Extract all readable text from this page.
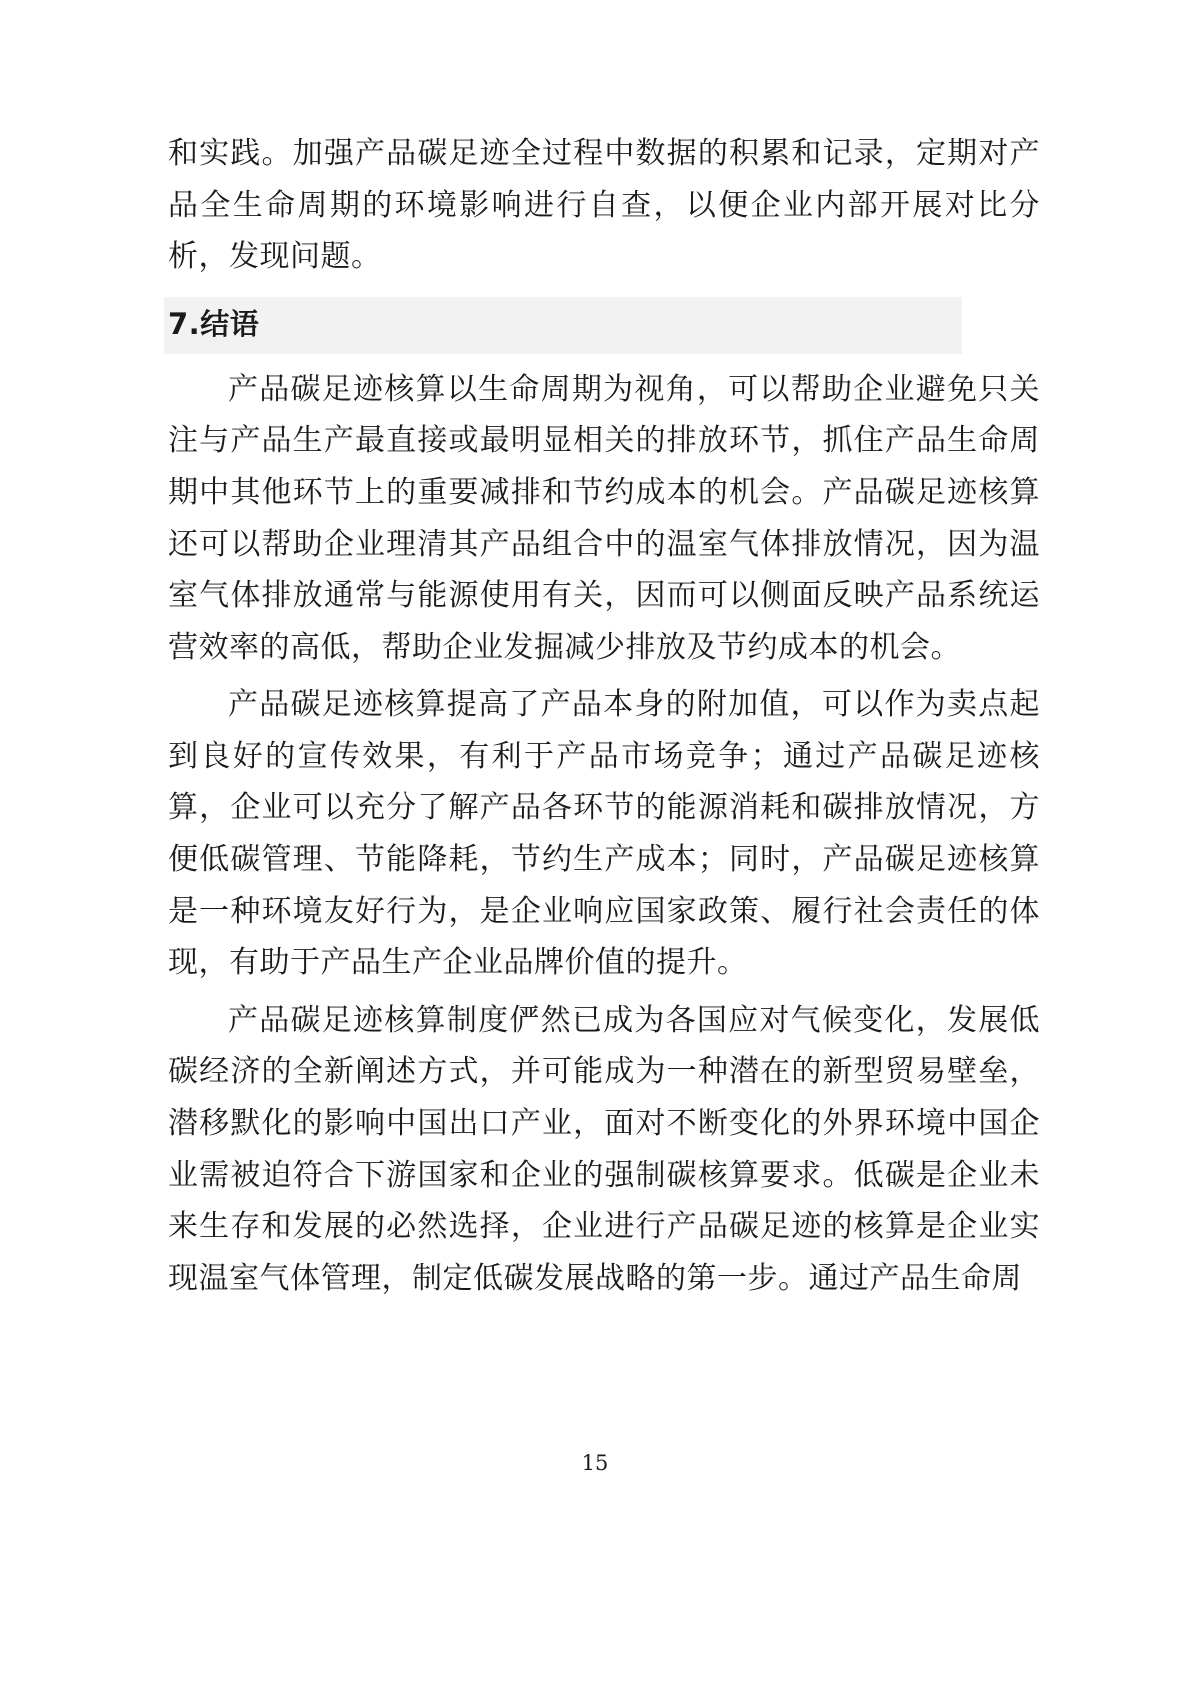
和实践。加强产品碳足迹全过程中数据的积累和记录，定期对产品全生命周期的环境影响进行自查，以便企业内部开展对比分析，发现问题。

7.结语

产品碳足迹核算以生命周期为视角，可以帮助企业避免只关注与产品生产最直接或最明显相关的排放环节，抓住产品生命周期中其他环节上的重要减排和节约成本的机会。产品碳足迹核算还可以帮助企业理清其产品组合中的温室气体排放情况，因为温室气体排放通常与能源使用有关，因而可以侧面反映产品系统运营效率的高低，帮助企业发掘减少排放及节约成本的机会。

产品碳足迹核算提高了产品本身的附加值，可以作为卖点起到良好的宣传效果，有利于产品市场竞争；通过产品碳足迹核算，企业可以充分了解产品各环节的能源消耗和碳排放情况，方便低碳管理、节能降耗，节约生产成本；同时，产品碳足迹核算是一种环境友好行为，是企业响应国家政策、履行社会责任的体现，有助于产品生产企业品牌价值的提升。

产品碳足迹核算制度俨然已成为各国应对气候变化，发展低碳经济的全新阐述方式，并可能成为一种潜在的新型贸易壁垒，潜移默化的影响中国出口产业，面对不断变化的外界环境中国企业需被迫符合下游国家和企业的强制碳核算要求。低碳是企业未来生存和发展的必然选择，企业进行产品碳足迹的核算是企业实现温室气体管理，制定低碳发展战略的第一步。通过产品生命周

15
